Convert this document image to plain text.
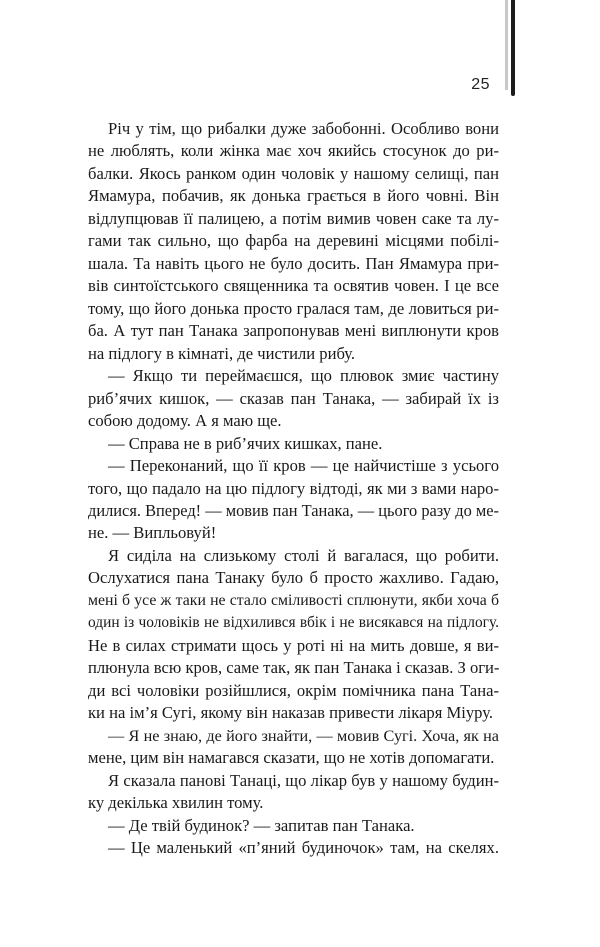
25
Річ у тім, що рибалки дуже забобонні. Особливо вони
не люблять, коли жінка має хоч якийсь стосунок до ри-
балки. Якось ранком один чоловік у нашому селищі, пан
Ямамура, побачив, як донька грається в його човні. Він
відлупцював її палицею, а потім вимив човен саке та лу-
гами так сильно, що фарба на деревині місцями побілі-
шала. Та навіть цього не було досить. Пан Ямамура при-
вів синтоїстського священника та освятив човен. І це все
тому, що його донька просто гралася там, де ловиться ри-
ба. А тут пан Танака запропонував мені виплюнути кров
на підлогу в кімнаті, де чистили рибу.
— Якщо ти переймаєшся, що плювок змиє частину
риб’ячих кишок, — сказав пан Танака, — забирай їх із
собою додому. А я маю ще.
— Справа не в риб’ячих кишках, пане.
— Переконаний, що її кров — це найчистіше з усього
того, що падало на цю підлогу відтоді, як ми з вами наро-
дилися. Вперед! — мовив пан Танака, — цього разу до ме-
не. — Випльовуй!
Я сиділа на слизькому столі й вагалася, що робити.
Ослухатися пана Танаку було б просто жахливо. Гадаю,
мені б усе ж таки не стало сміливості сплюнути, якби хоча б
один із чоловіків не відхилився вбік і не висякався на підлогу.
Не в силах стримати щось у роті ні на мить довше, я ви-
плюнула всю кров, саме так, як пан Танака і сказав. З оги-
ди всі чоловіки розійшлися, окрім помічника пана Тана-
ки на ім’я Сугі, якому він наказав привести лікаря Міуру.
— Я не знаю, де його знайти, — мовив Сугі. Хоча, як на
мене, цим він намагався сказати, що не хотів допомагати.
Я сказала панові Танаці, що лікар був у нашому будин-
ку декілька хвилин тому.
— Де твій будинок? — запитав пан Танака.
— Це маленький «п’яний будиночок» там, на скелях.
